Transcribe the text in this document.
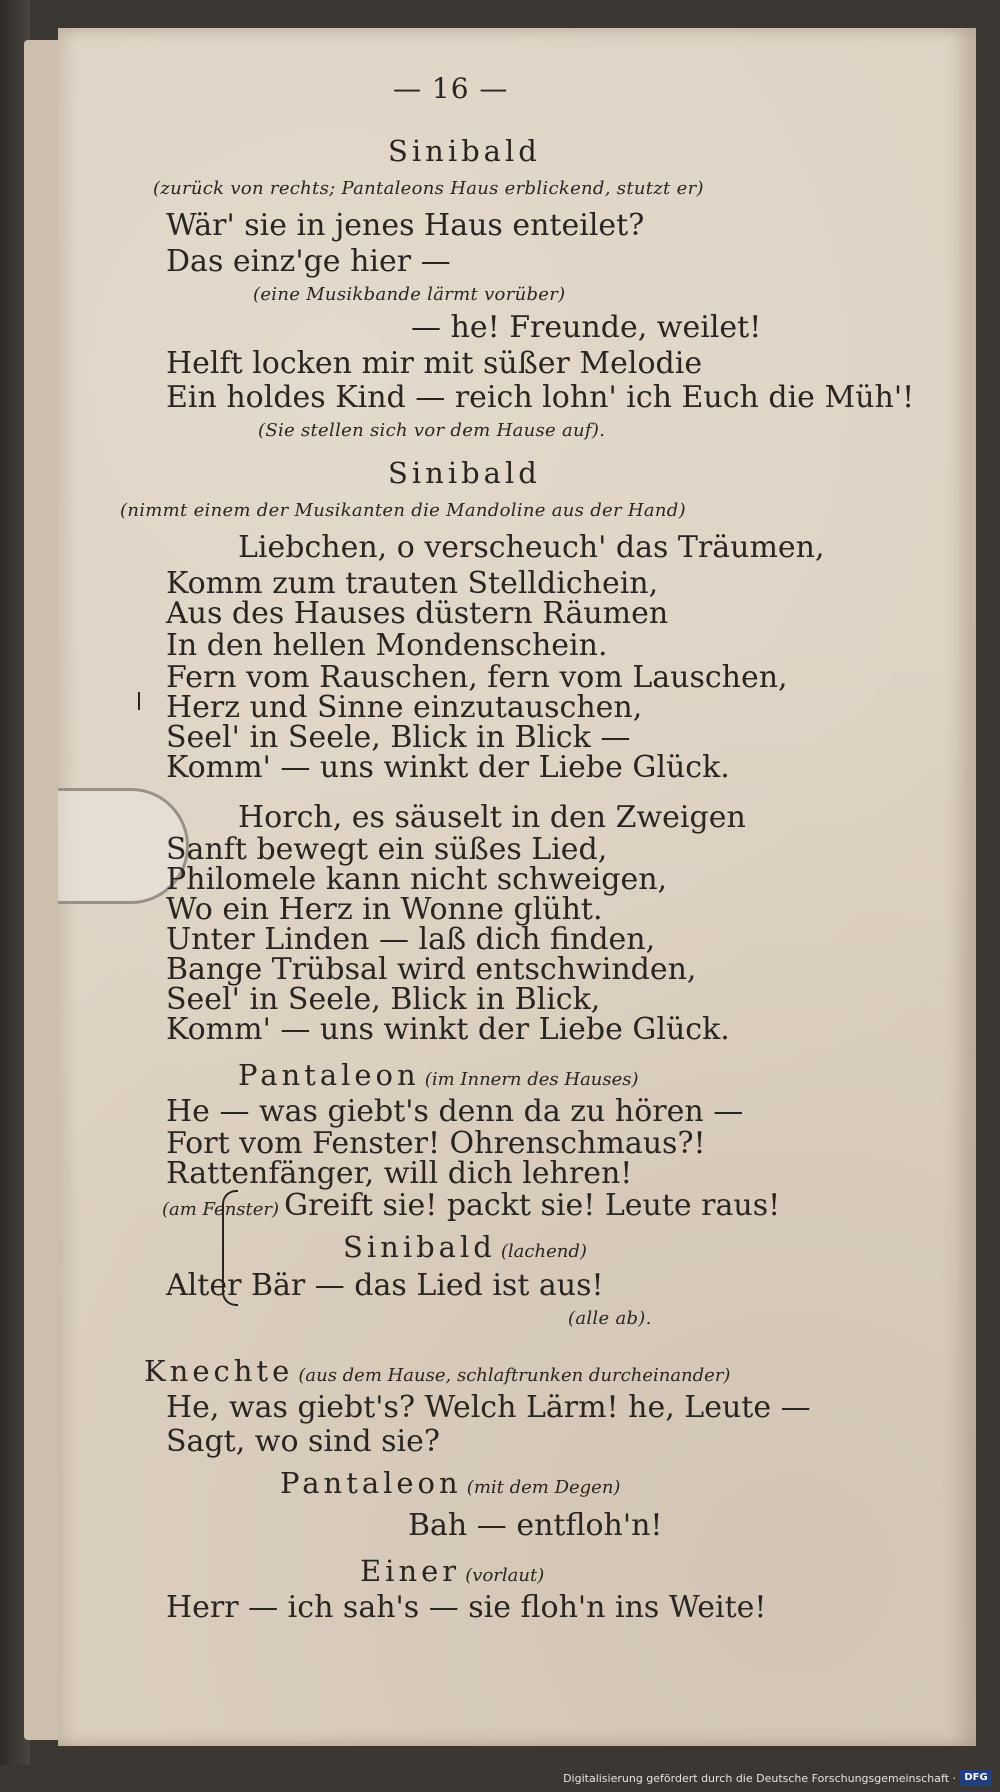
— 16 —
Sinibald
(zurück von rechts; Pantaleons Haus erblickend, stutzt er)
Wär' sie in jenes Haus enteilet?
Das einz'ge hier —
(eine Musikbande lärmt vorüber)
— he! Freunde, weilet!
Helft locken mir mit süßer Melodie
Ein holdes Kind — reich lohn' ich Euch die Müh'!
(Sie stellen sich vor dem Hause auf).
Sinibald
(nimmt einem der Musikanten die Mandoline aus der Hand)
Liebchen, o verscheuch' das Träumen,
Komm zum trauten Stelldichein,
Aus des Hauses düstern Räumen
In den hellen Mondenschein.
Fern vom Rauschen, fern vom Lauschen,
Herz und Sinne einzutauschen,
Seel' in Seele, Blick in Blick —
Komm' — uns winkt der Liebe Glück.
Horch, es säuselt in den Zweigen
Sanft bewegt ein süßes Lied,
Philomele kann nicht schweigen,
Wo ein Herz in Wonne glüht.
Unter Linden — laß dich finden,
Bange Trübsal wird entschwinden,
Seel' in Seele, Blick in Blick,
Komm' — uns winkt der Liebe Glück.
Pantaleon (im Innern des Hauses)
He — was giebt's denn da zu hören —
Fort vom Fenster! Ohrenschmaus?!
Rattenfänger, will dich lehren!
(am Fenster) Greift sie! packt sie! Leute raus!
Sinibald (lachend)
Alter Bär — das Lied ist aus!
(alle ab).
Knechte (aus dem Hause, schlaftrunken durcheinander)
He, was giebt's? Welch Lärm! he, Leute —
Sagt, wo sind sie?
Pantaleon (mit dem Degen)
Bah — entfloh'n!
Einer (vorlaut)
Herr — ich sah's — sie floh'n ins Weite!
Digitalisierung gefördert durch die Deutsche Forschungsgemeinschaft · DFG
